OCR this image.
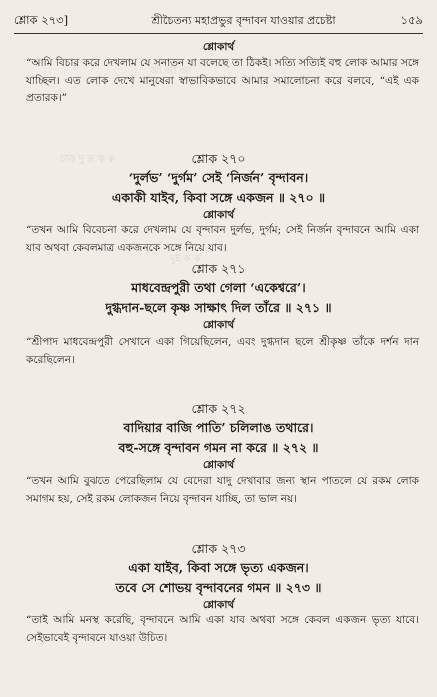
শ্লোক ২৭৩]	শ্রীচৈতন্য মহাপ্রভুর বৃন্দাবন যাওয়ার প্রচেষ্টা	১৫৯
আ আ আ
ঢাক দু ত ক ক
দুই ক ক
শ্লোকার্থ
“আমি বিচার করে দেখলাম যে সনাতন যা বলেছে তা ঠিকই। সত্যি সত্যিই বহু লোক আমার সঙ্গে যাচ্ছিল। এত লোক দেখে মানুষেরা স্বাভাবিকভাবে আমার সমালোচনা করে বলবে, “এই এক প্রতারক।”
শ্লোক ২৭০
‘দুর্লভ’ ‘দুর্গম’ সেই ‘নির্জন’ বৃন্দাবন।
একাকী যাইব, কিবা সঙ্গে একজন ॥ ২৭০ ॥
শ্লোকার্থ
“তখন আমি বিবেচনা করে দেখলাম যে বৃন্দাবন দুর্লভ, দুর্গম; সেই নির্জন বৃন্দাবনে আমি একা যাব অথবা কেবলমাত্র একজনকে সঙ্গে নিয়ে যাব।
শ্লোক ২৭১
মাধবেন্দ্রপুরী তথা গেলা ‘একেশ্বরে’।
দুগ্ধদান-ছলে কৃষ্ণ সাক্ষাৎ দিল তাঁরে ॥ ২৭১ ॥
শ্লোকার্থ
“শ্রীপাদ মাধবেন্দ্রপুরী সেখানে একা গিয়েছিলেন, এবং দুগ্ধদান ছলে শ্রীকৃষ্ণ তাঁকে দর্শন দান করেছিলেন।
শ্লোক ২৭২
বাদিয়ার বাজি পাতি’ চলিলাঙ তথারে।
বহু-সঙ্গে বৃন্দাবন গমন না করে ॥ ২৭২ ॥
শ্লোকার্থ
“তখন আমি বুঝতে পেরেছিলাম যে বেদেরা যাদু দেখাবার জন্য স্থান পাতলে যে রকম লোক সমাগম হয়, সেই রকম লোকজন নিয়ে বৃন্দাবন যাচ্ছি, তা ভাল নয়।
শ্লোক ২৭৩
একা যাইব, কিবা সঙ্গে ভৃত্য একজন।
তবে সে শোভয় বৃন্দাবনের গমন ॥ ২৭৩ ॥
শ্লোকার্থ
“তাই আমি মনস্থ করেছি, বৃন্দাবনে আমি একা যাব অথবা সঙ্গে কেবল একজন ভৃত্য যাবে। সেইভাবেই বৃন্দাবনে যাওয়া উচিত।
